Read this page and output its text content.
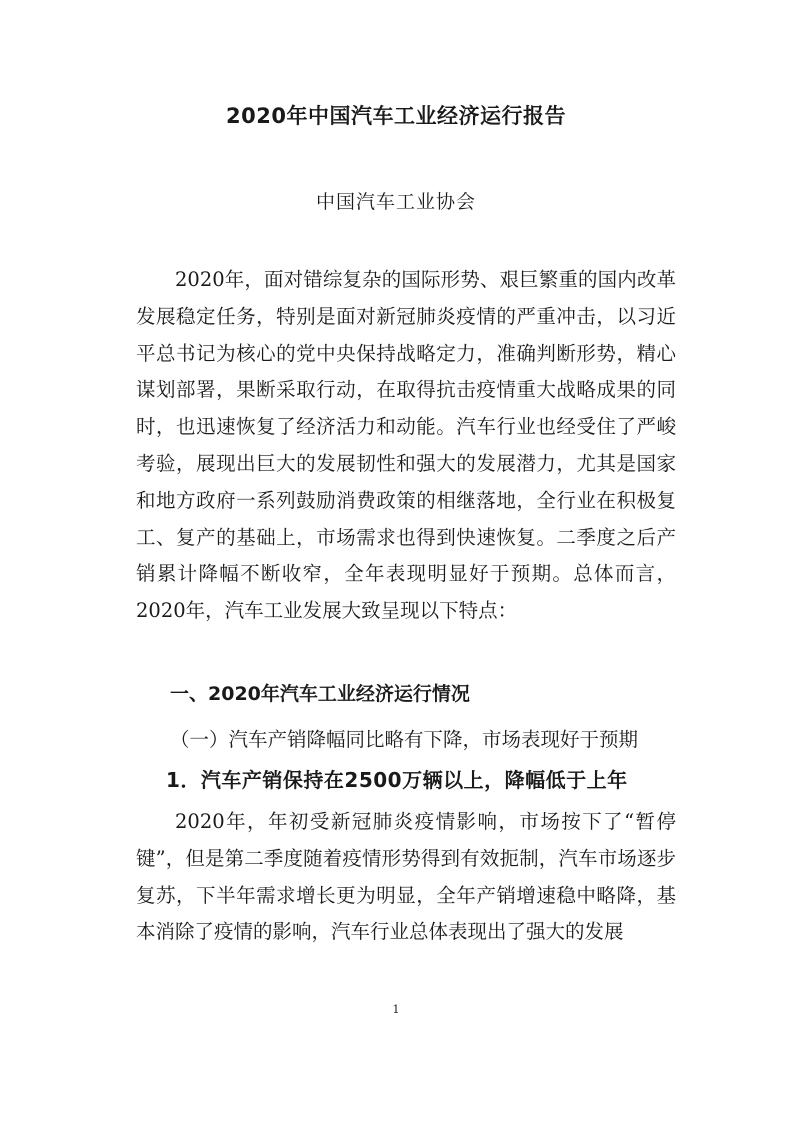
2020年中国汽车工业经济运行报告
中国汽车工业协会

2020年，面对错综复杂的国际形势、艰巨繁重的国内改革发展稳定任务，特别是面对新冠肺炎疫情的严重冲击，以习近平总书记为核心的党中央保持战略定力，准确判断形势，精心谋划部署，果断采取行动，在取得抗击疫情重大战略成果的同时，也迅速恢复了经济活力和动能。汽车行业也经受住了严峻考验，展现出巨大的发展韧性和强大的发展潜力，尤其是国家和地方政府一系列鼓励消费政策的相继落地，全行业在积极复工、复产的基础上，市场需求也得到快速恢复。二季度之后产销累计降幅不断收窄，全年表现明显好于预期。总体而言，2020年，汽车工业发展大致呈现以下特点：

一、2020年汽车工业经济运行情况

（一）汽车产销降幅同比略有下降，市场表现好于预期

1．汽车产销保持在2500万辆以上，降幅低于上年

2020年，年初受新冠肺炎疫情影响，市场按下了“暂停键”，但是第二季度随着疫情形势得到有效扼制，汽车市场逐步复苏，下半年需求增长更为明显，全年产销增速稳中略降，基本消除了疫情的影响，汽车行业总体表现出了强大的发展

1
